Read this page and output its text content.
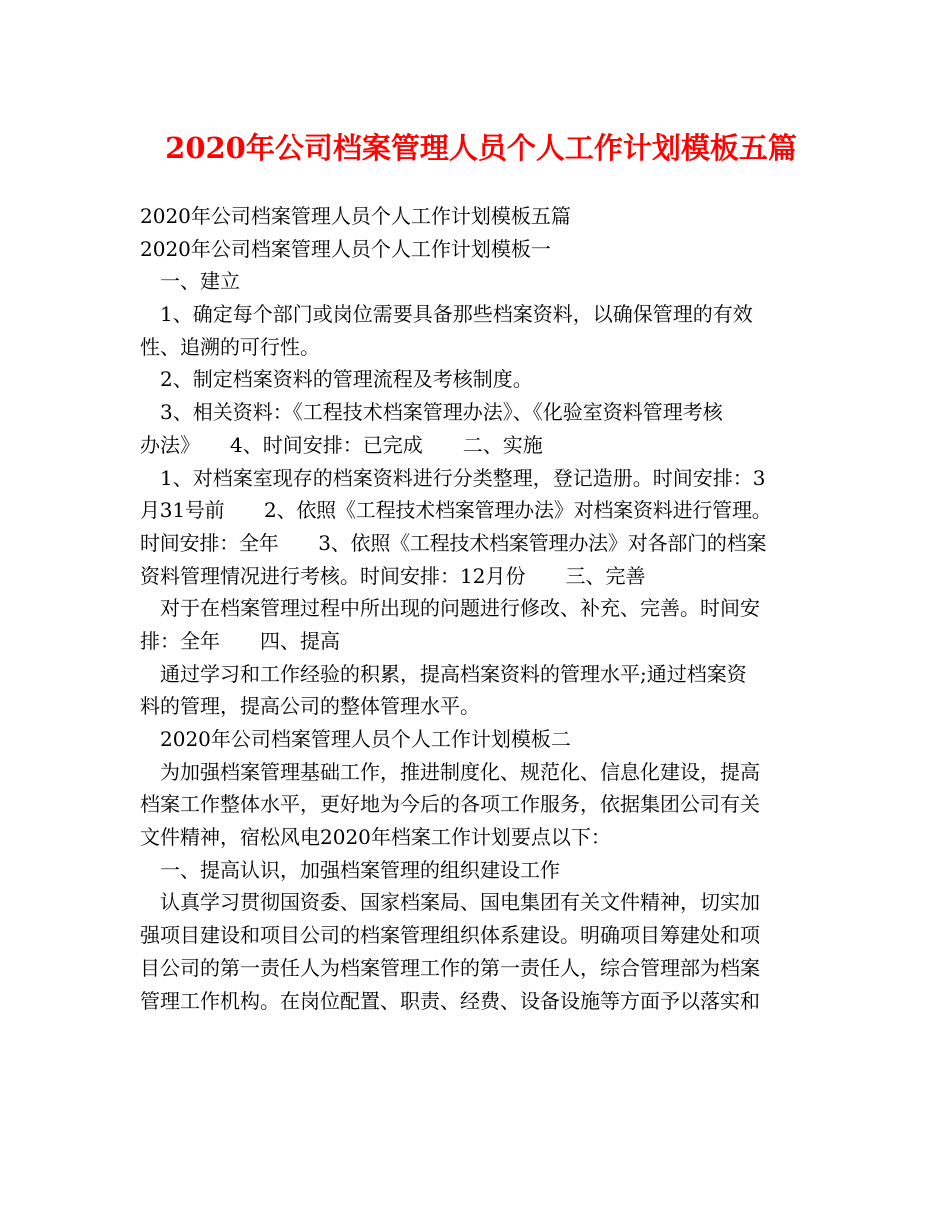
2020年公司档案管理人员个人工作计划模板五篇
2020年公司档案管理人员个人工作计划模板五篇
2020年公司档案管理人员个人工作计划模板一
一、建立
1、确定每个部门或岗位需要具备那些档案资料，以确保管理的有效
性、追溯的可行性。
2、制定档案资料的管理流程及考核制度。
3、相关资料：《工程技术档案管理办法》、《化验室资料管理考核
办法》　　4、时间安排：已完成　　二、实施
1、对档案室现存的档案资料进行分类整理，登记造册。时间安排：3
月31号前　　2、依照《工程技术档案管理办法》对档案资料进行管理。
时间安排：全年　　3、依照《工程技术档案管理办法》对各部门的档案
资料管理情况进行考核。时间安排：12月份　　三、完善
对于在档案管理过程中所出现的问题进行修改、补充、完善。时间安
排：全年　　四、提高
通过学习和工作经验的积累，提高档案资料的管理水平;通过档案资
料的管理，提高公司的整体管理水平。
2020年公司档案管理人员个人工作计划模板二
为加强档案管理基础工作，推进制度化、规范化、信息化建设，提高
档案工作整体水平，更好地为今后的各项工作服务，依据集团公司有关
文件精神，宿松风电2020年档案工作计划要点以下：
一、提高认识，加强档案管理的组织建设工作
认真学习贯彻国资委、国家档案局、国电集团有关文件精神，切实加
强项目建设和项目公司的档案管理组织体系建设。明确项目筹建处和项
目公司的第一责任人为档案管理工作的第一责任人，综合管理部为档案
管理工作机构。在岗位配置、职责、经费、设备设施等方面予以落实和
